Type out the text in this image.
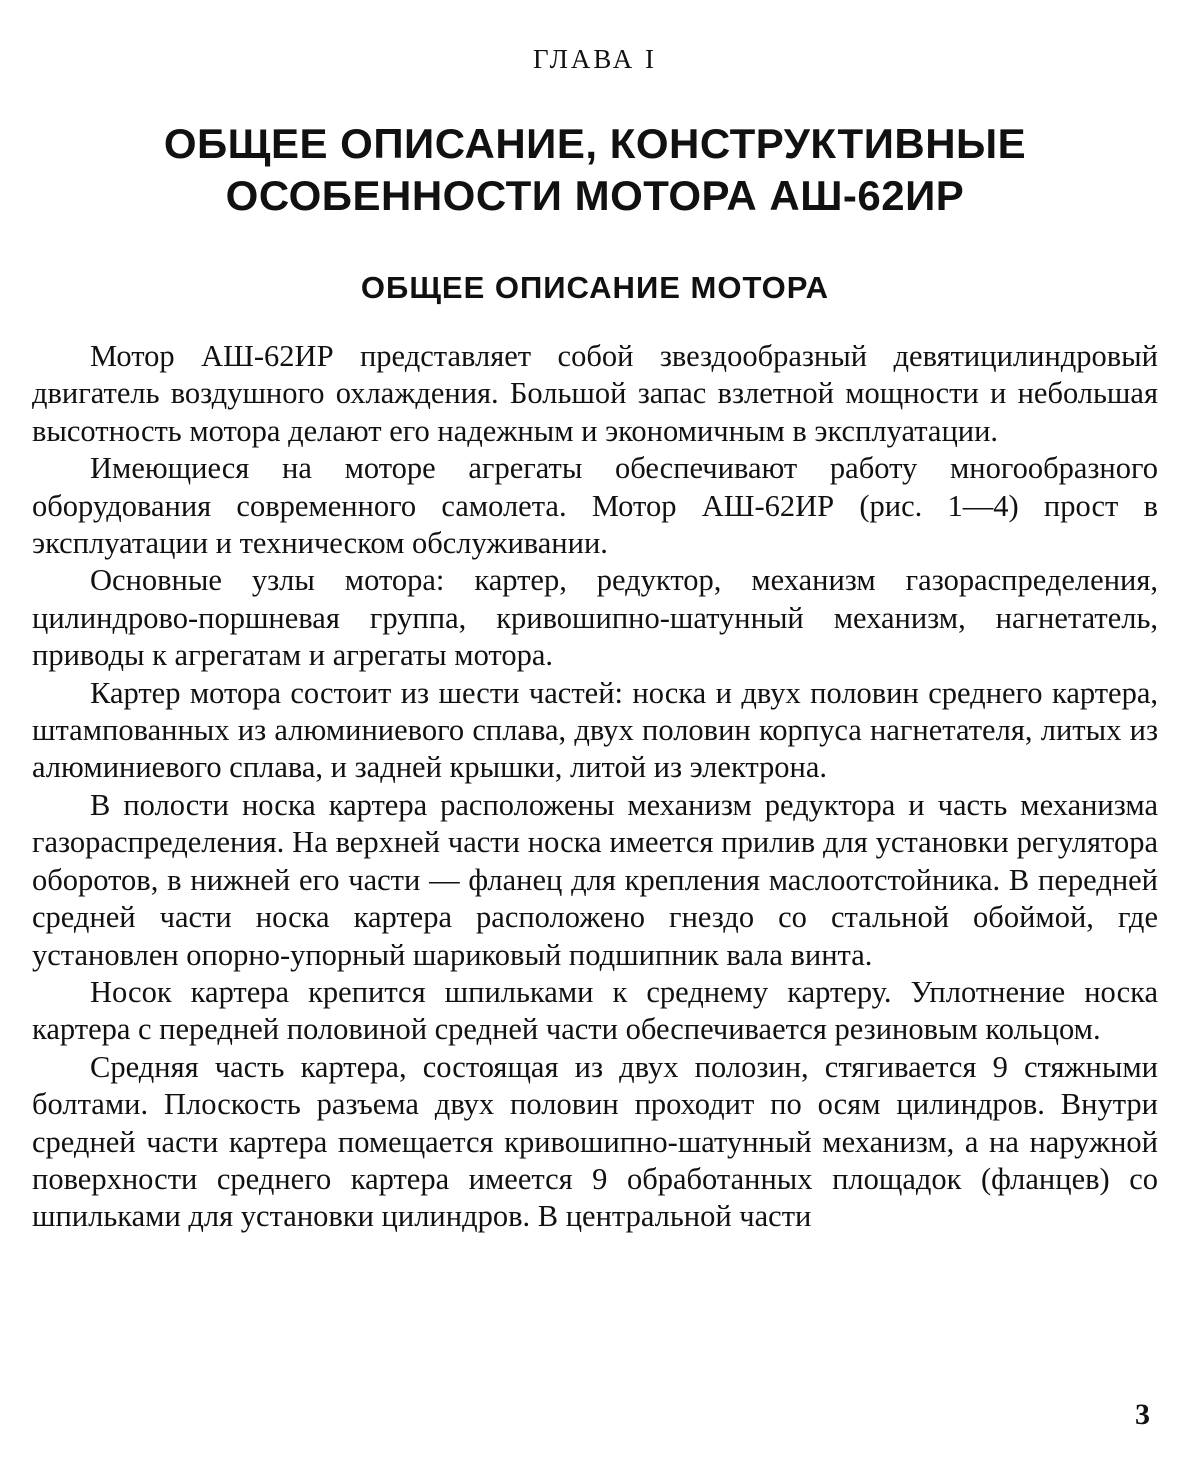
ГЛАВА I
ОБЩЕЕ ОПИСАНИЕ, КОНСТРУКТИВНЫЕ
ОСОБЕННОСТИ МОТОРА АШ-62ИР
ОБЩЕЕ ОПИСАНИЕ МОТОРА

Мотор АШ-62ИР представляет собой звездообразный девятицилиндровый двигатель воздушного охлаждения. Большой запас взлетной мощности и небольшая высотность мотора делают его надежным и экономичным в эксплуатации.

Имеющиеся на моторе агрегаты обеспечивают работу многообразного оборудования современного самолета. Мотор АШ-62ИР (рис. 1—4) прост в эксплуатации и техническом обслуживании.

Основные узлы мотора: картер, редуктор, механизм газораспределения, цилиндрово-поршневая группа, кривошипно-шатунный механизм, нагнетатель, приводы к агрегатам и агрегаты мотора.

Картер мотора состоит из шести частей: носка и двух половин среднего картера, штампованных из алюминиевого сплава, двух половин корпуса нагнетателя, литых из алюминиевого сплава, и задней крышки, литой из электрона.

В полости носка картера расположены механизм редуктора и часть механизма газораспределения. На верхней части носка имеется прилив для установки регулятора оборотов, в нижней его части — фланец для крепления маслоотстойника. В передней средней части носка картера расположено гнездо со стальной обоймой, где установлен опорно-упорный шариковый подшипник вала винта.

Носок картера крепится шпильками к среднему картеру. Уплотнение носка картера с передней половиной средней части обеспечивается резиновым кольцом.

Средняя часть картера, состоящая из двух полозин, стягивается 9 стяжными болтами. Плоскость разъема двух половин проходит по осям цилиндров. Внутри средней части картера помещается кривошипно-шатунный механизм, а на наружной поверхности среднего картера имеется 9 обработанных площадок (фланцев) со шпильками для установки цилиндров. В центральной части

3
